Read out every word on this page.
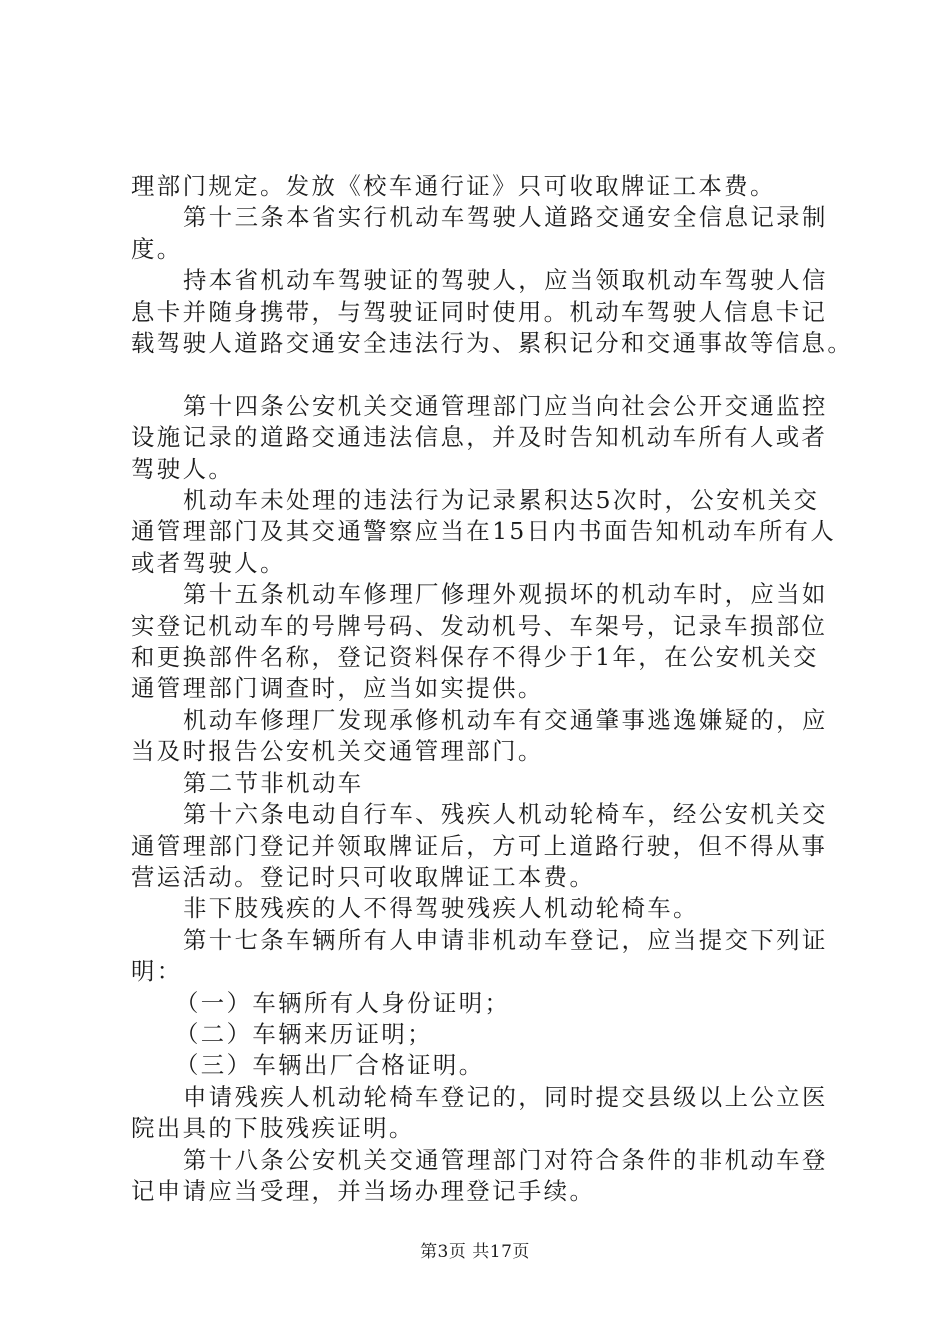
理部门规定。发放《校车通行证》只可收取牌证工本费。

第十三条本省实行机动车驾驶人道路交通安全信息记录制

度。

持本省机动车驾驶证的驾驶人，应当领取机动车驾驶人信

息卡并随身携带，与驾驶证同时使用。机动车驾驶人信息卡记

载驾驶人道路交通安全违法行为、累积记分和交通事故等信息。

第十四条公安机关交通管理部门应当向社会公开交通监控

设施记录的道路交通违法信息，并及时告知机动车所有人或者

驾驶人。

机动车未处理的违法行为记录累积达5次时，公安机关交

通管理部门及其交通警察应当在15日内书面告知机动车所有人

或者驾驶人。

第十五条机动车修理厂修理外观损坏的机动车时，应当如

实登记机动车的号牌号码、发动机号、车架号，记录车损部位

和更换部件名称，登记资料保存不得少于1年，在公安机关交

通管理部门调查时，应当如实提供。

机动车修理厂发现承修机动车有交通肇事逃逸嫌疑的，应

当及时报告公安机关交通管理部门。

第二节非机动车

第十六条电动自行车、残疾人机动轮椅车，经公安机关交

通管理部门登记并领取牌证后，方可上道路行驶，但不得从事

营运活动。登记时只可收取牌证工本费。

非下肢残疾的人不得驾驶残疾人机动轮椅车。

第十七条车辆所有人申请非机动车登记，应当提交下列证

明：

（一）车辆所有人身份证明；

（二）车辆来历证明；

（三）车辆出厂合格证明。

申请残疾人机动轮椅车登记的，同时提交县级以上公立医

院出具的下肢残疾证明。

第十八条公安机关交通管理部门对符合条件的非机动车登

记申请应当受理，并当场办理登记手续。

第3页 共17页
